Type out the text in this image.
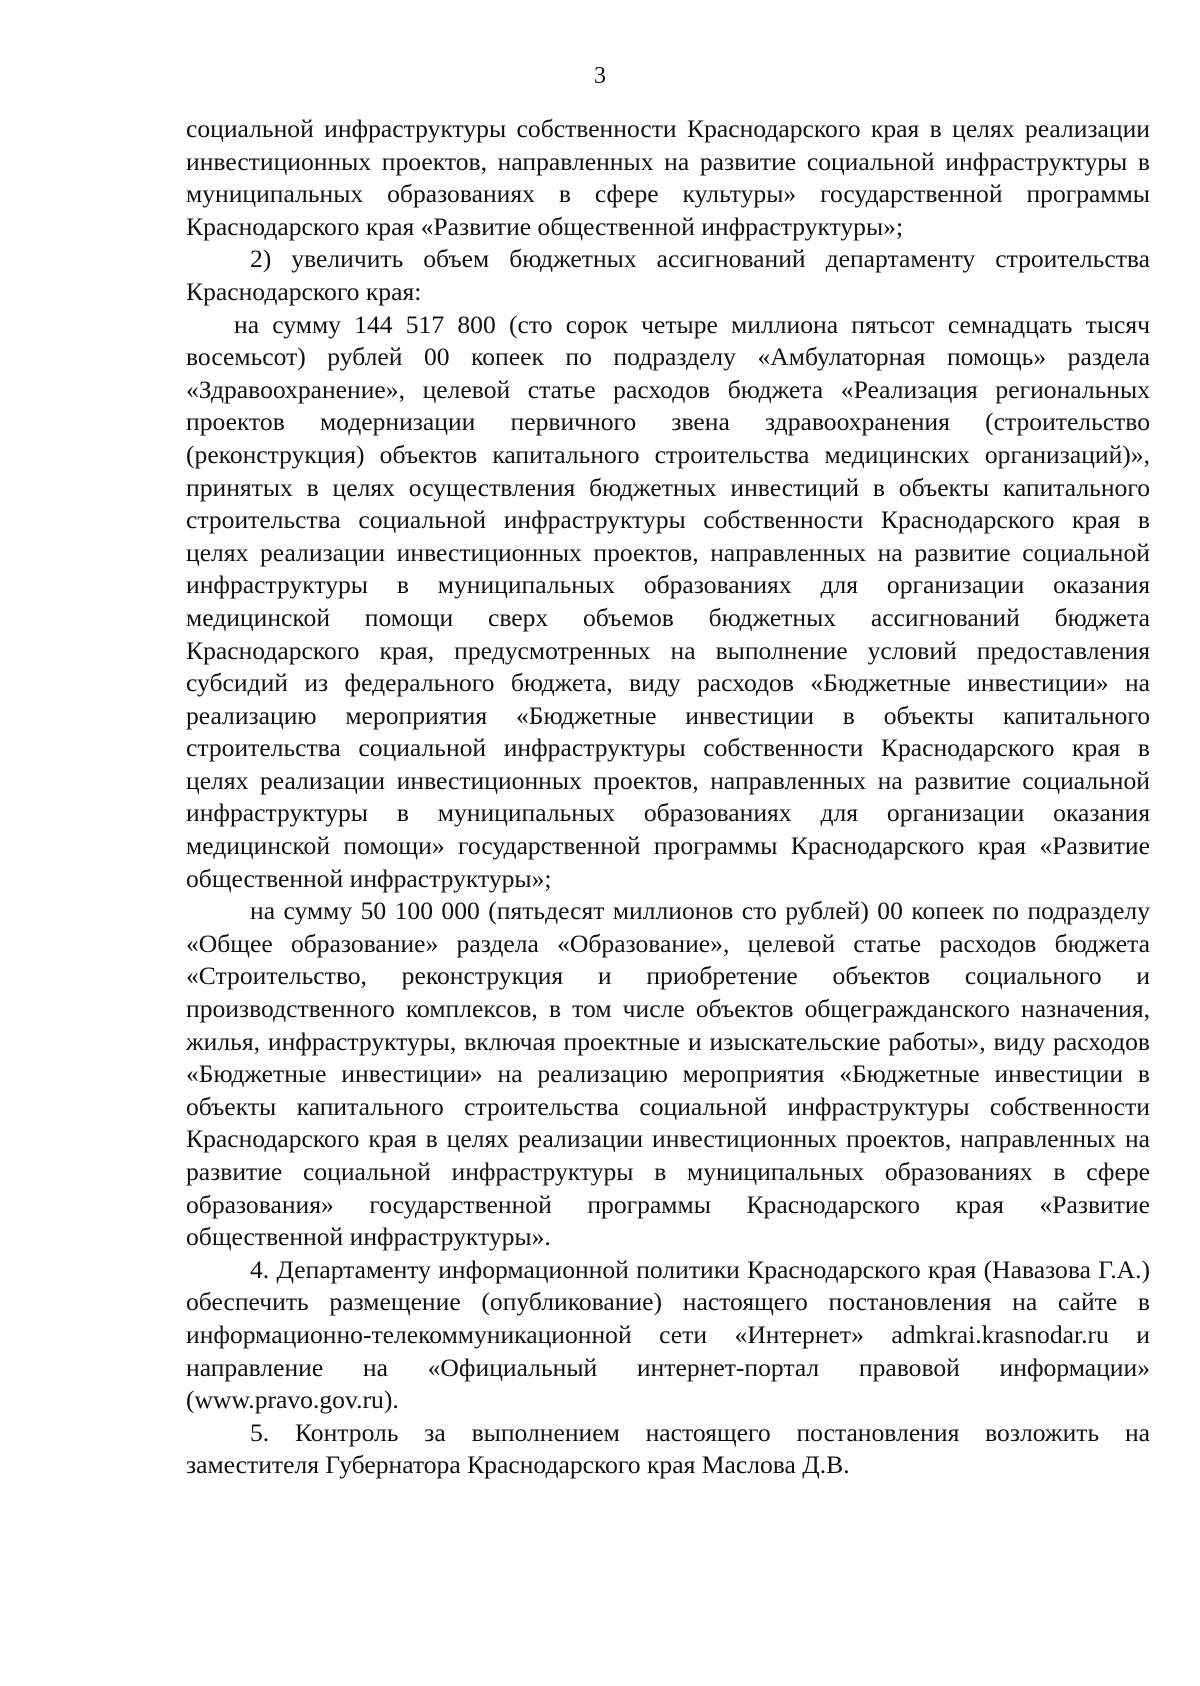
3

социальной инфраструктуры собственности Краснодарского края в целях реализации инвестиционных проектов, направленных на развитие социальной инфраструктуры в муниципальных образованиях в сфере культуры» государственной программы Краснодарского края «Развитие общественной инфраструктуры»;

2) увеличить объем бюджетных ассигнований департаменту строительства Краснодарского края:

на сумму 144 517 800 (сто сорок четыре миллиона пятьсот семнадцать тысяч восемьсот) рублей 00 копеек по подразделу «Амбулаторная помощь» раздела «Здравоохранение», целевой статье расходов бюджета «Реализация региональных проектов модернизации первичного звена здравоохранения (строительство (реконструкция) объектов капитального строительства медицинских организаций)», принятых в целях осуществления бюджетных инвестиций в объекты капитального строительства социальной инфраструктуры собственности Краснодарского края в целях реализации инвестиционных проектов, направленных на развитие социальной инфраструктуры в муниципальных образованиях для организации оказания медицинской помощи сверх объемов бюджетных ассигнований бюджета Краснодарского края, предусмотренных на выполнение условий предоставления субсидий из федерального бюджета, виду расходов «Бюджетные инвестиции» на реализацию мероприятия «Бюджетные инвестиции в объекты капитального строительства социальной инфраструктуры собственности Краснодарского края в целях реализации инвестиционных проектов, направленных на развитие социальной инфраструктуры в муниципальных образованиях для организации оказания медицинской помощи» государственной программы Краснодарского края «Развитие общественной инфраструктуры»;

на сумму 50 100 000 (пятьдесят миллионов сто рублей) 00 копеек по подразделу «Общее образование» раздела «Образование», целевой статье расходов бюджета «Строительство, реконструкция и приобретение объектов социального и производственного комплексов, в том числе объектов общегражданского назначения, жилья, инфраструктуры, включая проектные и изыскательские работы», виду расходов «Бюджетные инвестиции» на реализацию мероприятия «Бюджетные инвестиции в объекты капитального строительства социальной инфраструктуры собственности Краснодарского края в целях реализации инвестиционных проектов, направленных на развитие социальной инфраструктуры в муниципальных образованиях в сфере образования» государственной программы Краснодарского края «Развитие общественной инфраструктуры».

4. Департаменту информационной политики Краснодарского края (Навазова Г.А.) обеспечить размещение (опубликование) настоящего постановления на сайте в информационно-телекоммуникационной сети «Интернет» admkrai.krasnodar.ru и направление на «Официальный интернет-портал правовой информации» (www.pravo.gov.ru).

5. Контроль за выполнением настоящего постановления возложить на заместителя Губернатора Краснодарского края Маслова Д.В.
